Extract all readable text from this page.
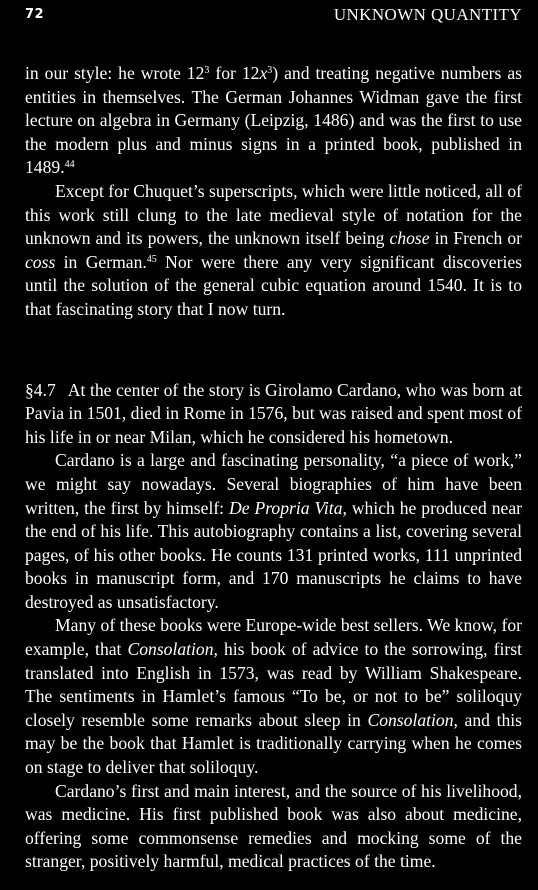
72	UNKNOWN QUANTITY

in our style: he wrote $12^3$ for $12x^3$) and treating negative numbers as entities in themselves. The German Johannes Widman gave the first lecture on algebra in Germany (Leipzig, 1486) and was the first to use the modern plus and minus signs in a printed book, published in 1489.44

Except for Chuquet’s superscripts, which were little noticed, all of this work still clung to the late medieval style of notation for the unknown and its powers, the unknown itself being chose in French or coss in German.$^{45}$ Nor were there any very significant discoveries until the solution of the general cubic equation around 1540. It is to that fascinating story that I now turn.

§4.7 At the center of the story is Girolamo Cardano, who was born at Pavia in 1501, died in Rome in 1576, but was raised and spent most of his life in or near Milan, which he considered his hometown.

Cardano is a large and fascinating personality, “a piece of work,” we might say nowadays. Several biographies of him have been written, the first by himself: De Propria Vita, which he produced near the end of his life. This autobiography contains a list, covering several pages, of his other books. He counts 131 printed works, 111 unprinted books in manuscript form, and 170 manuscripts he claims to have destroyed as unsatisfactory.

Many of these books were Europe-wide best sellers. We know, for example, that Consolation, his book of advice to the sorrowing, first translated into English in 1573, was read by William Shakespeare. The sentiments in Hamlet’s famous “To be, or not to be” soliloquy closely resemble some remarks about sleep in Consolation, and this may be the book that Hamlet is traditionally carrying when he comes on stage to deliver that soliloquy.

Cardano’s first and main interest, and the source of his livelihood, was medicine. His first published book was also about medicine, offering some commonsense remedies and mocking some of the stranger, positively harmful, medical practices of the time.
